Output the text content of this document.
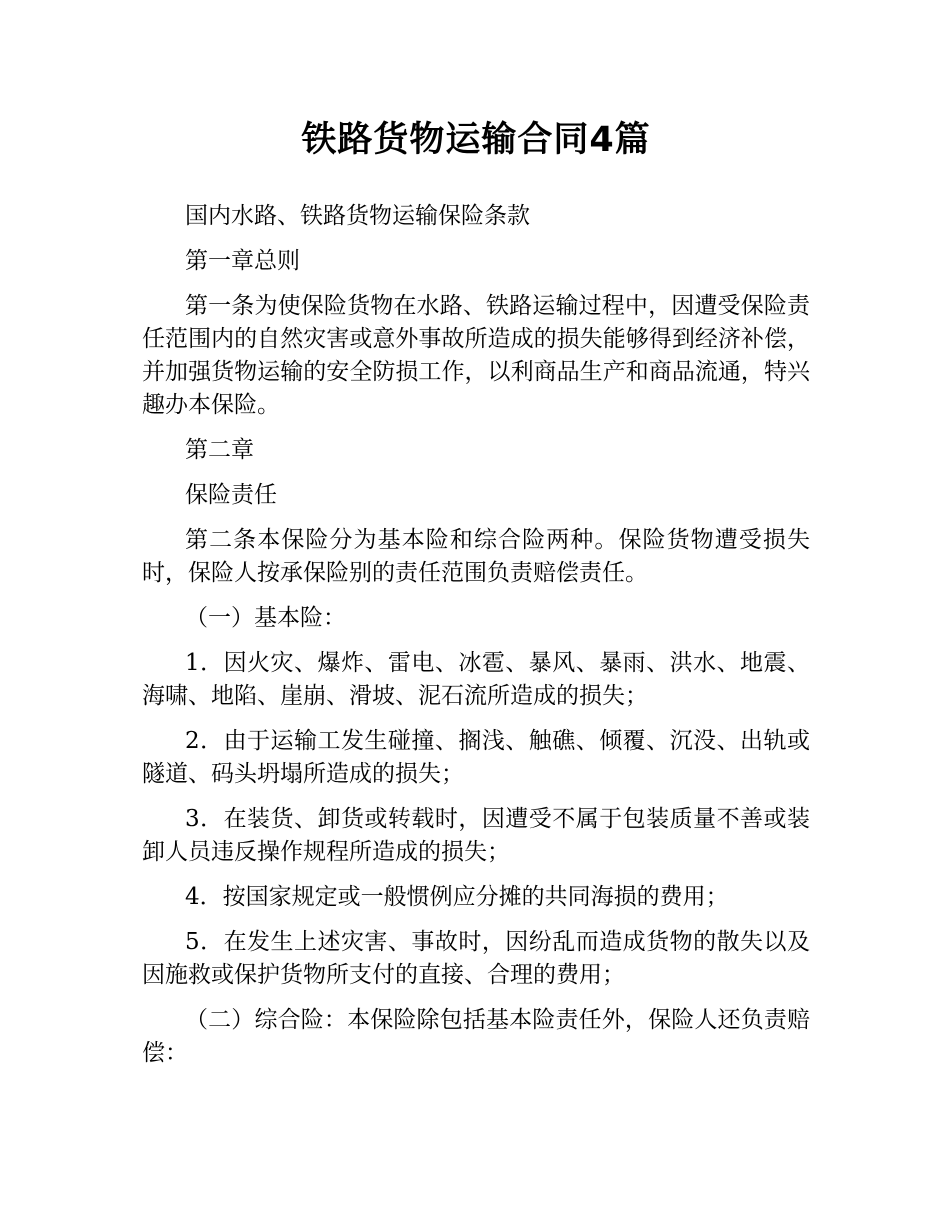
铁路货物运输合同4篇

国内水路、铁路货物运输保险条款

第一章总则

第一条为使保险货物在水路、铁路运输过程中，因遭受保险责任范围内的自然灾害或意外事故所造成的损失能够得到经济补偿，并加强货物运输的安全防损工作，以利商品生产和商品流通，特兴趣办本保险。

第二章

保险责任

第二条本保险分为基本险和综合险两种。保险货物遭受损失时，保险人按承保险别的责任范围负责赔偿责任。

（一）基本险：

1．因火灾、爆炸、雷电、冰雹、暴风、暴雨、洪水、地震、海啸、地陷、崖崩、滑坡、泥石流所造成的损失；

2．由于运输工发生碰撞、搁浅、触礁、倾覆、沉没、出轨或隧道、码头坍塌所造成的损失；

3．在装货、卸货或转载时，因遭受不属于包装质量不善或装卸人员违反操作规程所造成的损失；

4．按国家规定或一般惯例应分摊的共同海损的费用；

5．在发生上述灾害、事故时，因纷乱而造成货物的散失以及因施救或保护货物所支付的直接、合理的费用；

（二）综合险：本保险除包括基本险责任外，保险人还负责赔偿：
